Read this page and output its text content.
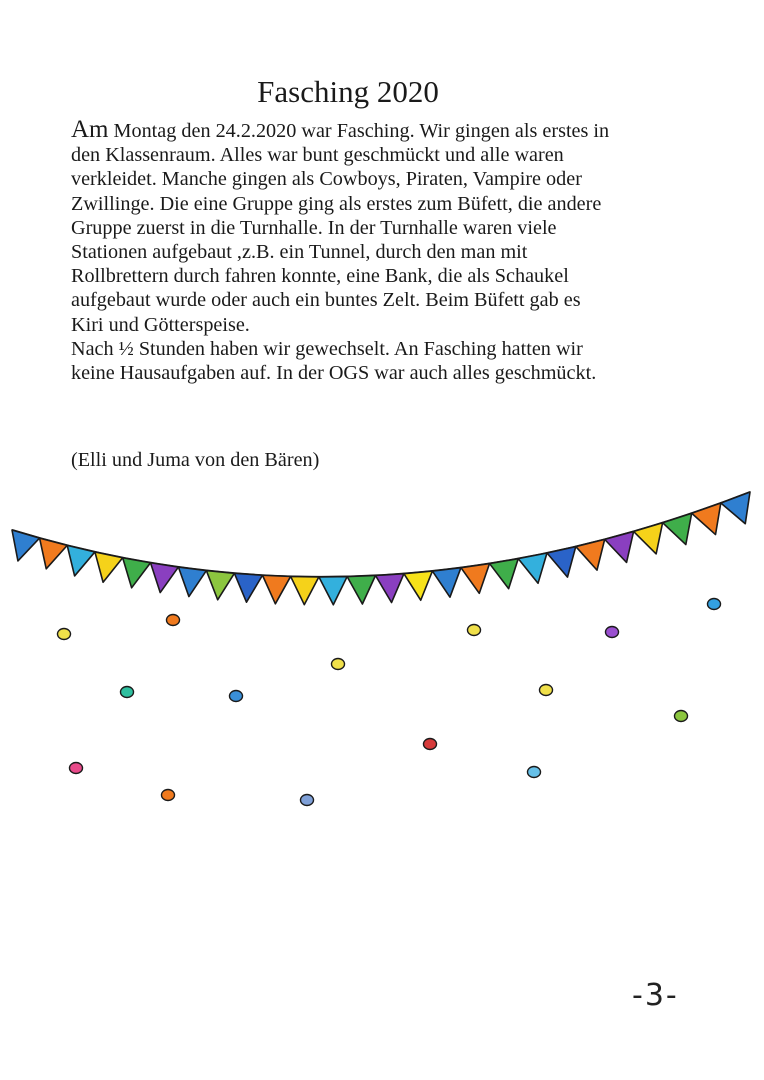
Fasching 2020
Am Montag den 24.2.2020 war Fasching. Wir gingen als erstes in
den Klassenraum. Alles war bunt geschmückt und alle waren
verkleidet. Manche gingen als Cowboys, Piraten, Vampire oder
Zwillinge. Die eine Gruppe ging als erstes zum Büfett, die andere
Gruppe zuerst in die Turnhalle. In der Turnhalle waren viele
Stationen aufgebaut ,z.B. ein Tunnel, durch den man mit
Rollbrettern durch fahren konnte, eine Bank, die als Schaukel
aufgebaut wurde oder auch ein buntes Zelt. Beim Büfett gab es
Kiri und Götterspeise.
Nach ½ Stunden haben wir gewechselt. An Fasching hatten wir
keine Hausaufgaben auf. In der OGS war auch alles geschmückt.
(Elli und Juma von den Bären)
-3-
